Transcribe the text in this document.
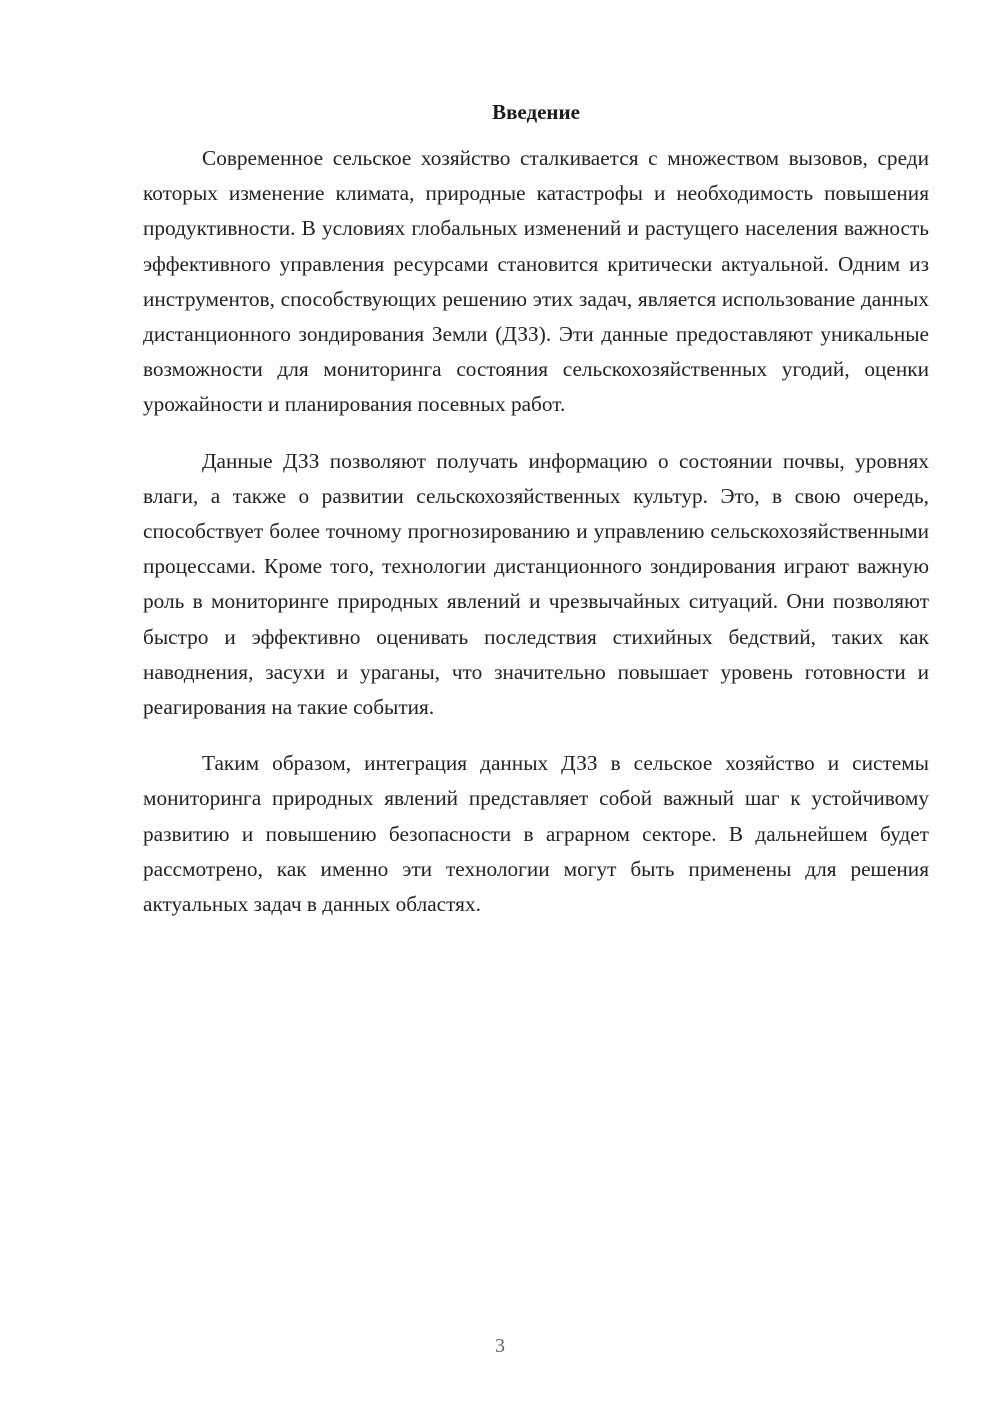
Введение

Современное сельское хозяйство сталкивается с множеством вызовов, среди которых изменение климата, природные катастрофы и необходимость повышения продуктивности. В условиях глобальных изменений и растущего населения важность эффективного управления ресурсами становится критически актуальной. Одним из инструментов, способствующих решению этих задач, является использование данных дистанционного зондирования Земли (ДЗЗ). Эти данные предоставляют уникальные возможности для мониторинга состояния сельскохозяйственных угодий, оценки урожайности и планирования посевных работ.

Данные ДЗЗ позволяют получать информацию о состоянии почвы, уровнях влаги, а также о развитии сельскохозяйственных культур. Это, в свою очередь, способствует более точному прогнозированию и управлению сельскохозяйственными процессами. Кроме того, технологии дистанционного зондирования играют важную роль в мониторинге природных явлений и чрезвычайных ситуаций. Они позволяют быстро и эффективно оценивать последствия стихийных бедствий, таких как наводнения, засухи и ураганы, что значительно повышает уровень готовности и реагирования на такие события.

Таким образом, интеграция данных ДЗЗ в сельское хозяйство и системы мониторинга природных явлений представляет собой важный шаг к устойчивому развитию и повышению безопасности в аграрном секторе. В дальнейшем будет рассмотрено, как именно эти технологии могут быть применены для решения актуальных задач в данных областях.

3
